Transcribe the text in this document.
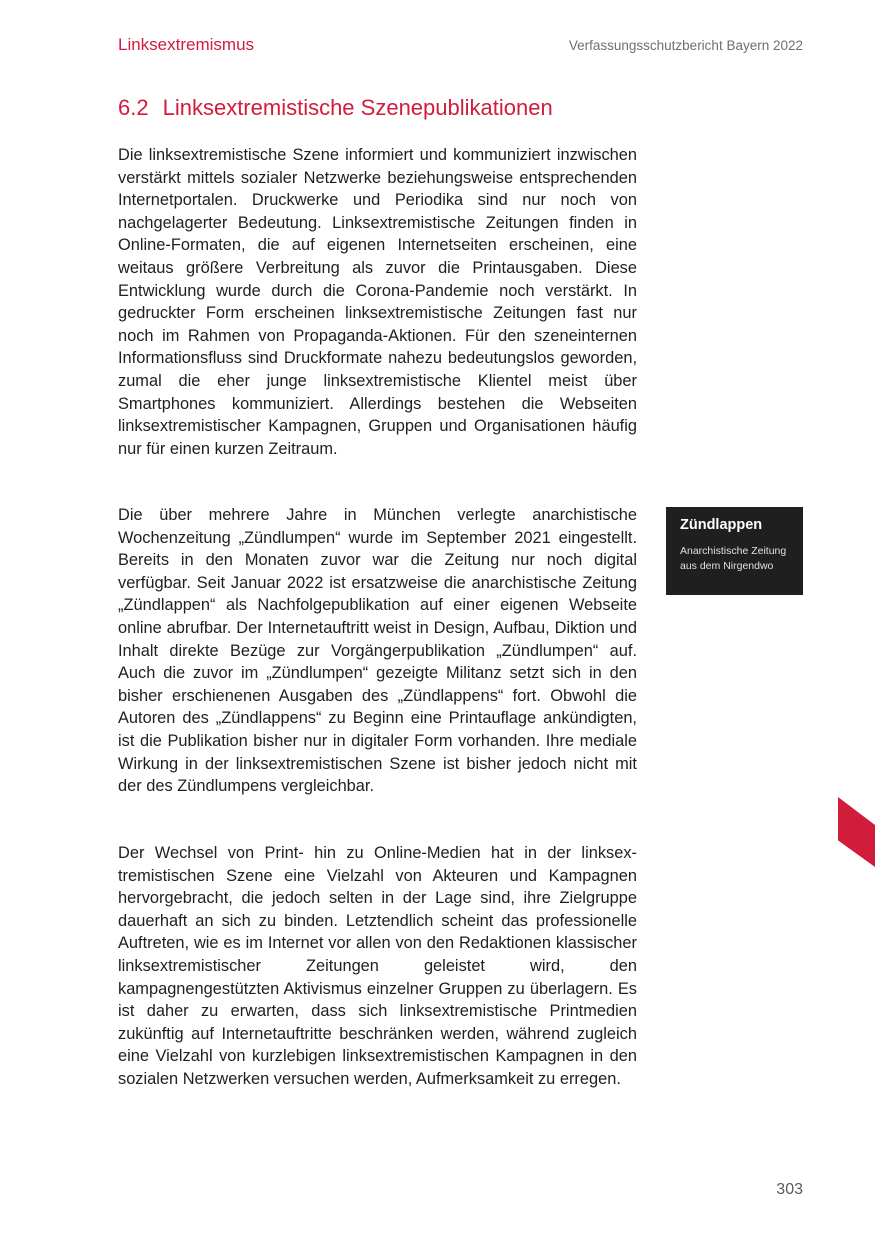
Linksextremismus	Verfassungsschutzbericht Bayern 2022
6.2 Linksextremistische Szenepublikationen

Die linksextremistische Szene informiert und kommuniziert inzwischen verstärkt mittels sozialer Netzwerke beziehungsweise entsprechenden Internetportalen. Druckwerke und Periodika sind nur noch von nachgelagerter Bedeutung. Linksextremistische Zeitungen finden in Online-Formaten, die auf eigenen Internetseiten erscheinen, eine weitaus größere Verbreitung als zuvor die Printausgaben. Diese Entwicklung wurde durch die Corona-Pandemie noch verstärkt. In gedruckter Form erscheinen linksextremistische Zeitungen fast nur noch im Rahmen von Propaganda-Aktionen. Für den szeneinternen Informationsfluss sind Druckformate nahezu bedeutungslos geworden, zumal die eher junge linksextremistische Klientel meist über Smartphones kommuniziert. Allerdings bestehen die Webseiten linksextremistischer Kampagnen, Gruppen und Organisationen häufig nur für einen kurzen Zeitraum.

Die über mehrere Jahre in München verlegte anarchistische Wochenzeitung „Zündlumpen“ wurde im September 2021 eingestellt. Bereits in den Monaten zuvor war die Zeitung nur noch digital verfügbar. Seit Januar 2022 ist ersatzweise die anarchistische Zeitung „Zündlappen“ als Nachfolgepublikation auf einer eigenen Webseite online abrufbar. Der Internetauftritt weist in Design, Aufbau, Diktion und Inhalt direkte Bezüge zur Vorgängerpublikation „Zündlumpen“ auf. Auch die zuvor im „Zündlumpen“ gezeigte Militanz setzt sich in den bisher erschienenen Ausgaben des „Zündlappens“ fort. Obwohl die Autoren des „Zündlappens“ zu Beginn eine Printauflage ankündigten, ist die Publikation bisher nur in digitaler Form vorhanden. Ihre mediale Wirkung in der linksextremistischen Szene ist bisher jedoch nicht mit der des Zündlumpens vergleichbar.

Der Wechsel von Print- hin zu Online-Medien hat in der linksextremistischen Szene eine Vielzahl von Akteuren und Kampagnen hervorgebracht, die jedoch selten in der Lage sind, ihre Zielgruppe dauerhaft an sich zu binden. Letztendlich scheint das professionelle Auftreten, wie es im Internet vor allen von den Redaktionen klassischer linksextremistischer Zeitungen geleistet wird, den kampagnengestützten Aktivismus einzelner Gruppen zu überlagern. Es ist daher zu erwarten, dass sich linksextremistische Printmedien zukünftig auf Internetauftritte beschränken werden, während zugleich eine Vielzahl von kurzlebigen linksextremistischen Kampagnen in den sozialen Netzwerken versuchen werden, Aufmerksamkeit zu erregen.

Zündlappen
Anarchistische Zeitung
aus dem Nirgendwo
303
